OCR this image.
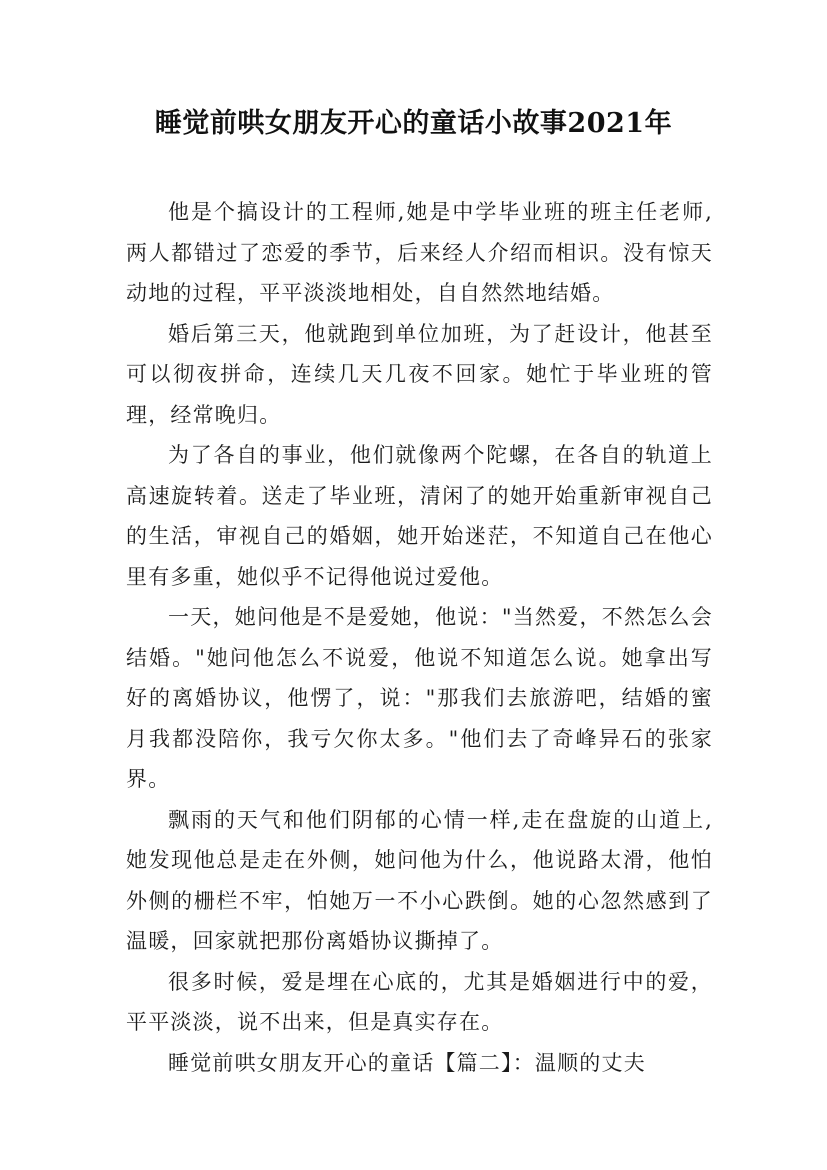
睡觉前哄女朋友开心的童话小故事2021年

他是个搞设计的工程师,她是中学毕业班的班主任老师,两人都错过了恋爱的季节，后来经人介绍而相识。没有惊天动地的过程，平平淡淡地相处，自自然然地结婚。

婚后第三天，他就跑到单位加班，为了赶设计，他甚至可以彻夜拼命，连续几天几夜不回家。她忙于毕业班的管理，经常晚归。

为了各自的事业，他们就像两个陀螺，在各自的轨道上高速旋转着。送走了毕业班，清闲了的她开始重新审视自己的生活，审视自己的婚姻，她开始迷茫，不知道自己在他心里有多重，她似乎不记得他说过爱他。

一天，她问他是不是爱她，他说："当然爱，不然怎么会结婚。"她问他怎么不说爱，他说不知道怎么说。她拿出写好的离婚协议，他愣了，说："那我们去旅游吧，结婚的蜜月我都没陪你，我亏欠你太多。"他们去了奇峰异石的张家界。

飘雨的天气和他们阴郁的心情一样,走在盘旋的山道上,她发现他总是走在外侧，她问他为什么，他说路太滑，他怕外侧的栅栏不牢，怕她万一不小心跌倒。她的心忽然感到了温暖，回家就把那份离婚协议撕掉了。

很多时候，爱是埋在心底的，尤其是婚姻进行中的爱，平平淡淡，说不出来，但是真实存在。

睡觉前哄女朋友开心的童话【篇二】：温顺的丈夫
